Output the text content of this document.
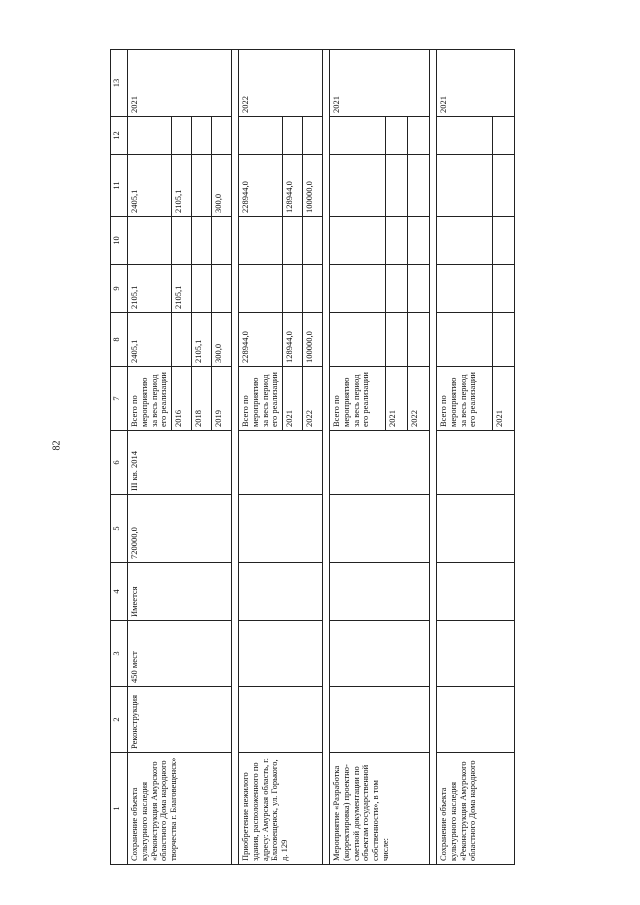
82
1	2	3	4	5	6	7	8	9	10	11	12	13
Сохранение объекта культурного наследия «Реконструкция Амурского областного Дома народного творчества г. Благовещенск»	Реконструкция	450 мест	Имеется	720000,0	III кв. 2014	Всего по мероприятию за весь период его реализации	2405,1	2105,1		2405,1		2021
						2016		2105,1		2105,1		
						2018	2105,1					
						2019	300,0			300,0		

Приобретение нежилого здания, расположенного по адресу: Амурская область, г. Благовещенск, ул. Горького, д. 129						Всего по мероприятию за весь период его реализации	228944,0			228944,0		2022
						2021	128944,0			128944,0		
						2022	100000,0			100000,0		

Мероприятие «Разработка (корректировка) проектно-сметной документации по объектам государственной собственности», в том числе:						Всего по мероприятию за весь период его реализации						2021
						2021						
						2022						

Сохранение объекта культурного наследия «Реконструкция Амурского областного Дома народного						Всего по мероприятию за весь период его реализации						2021
						2021						
